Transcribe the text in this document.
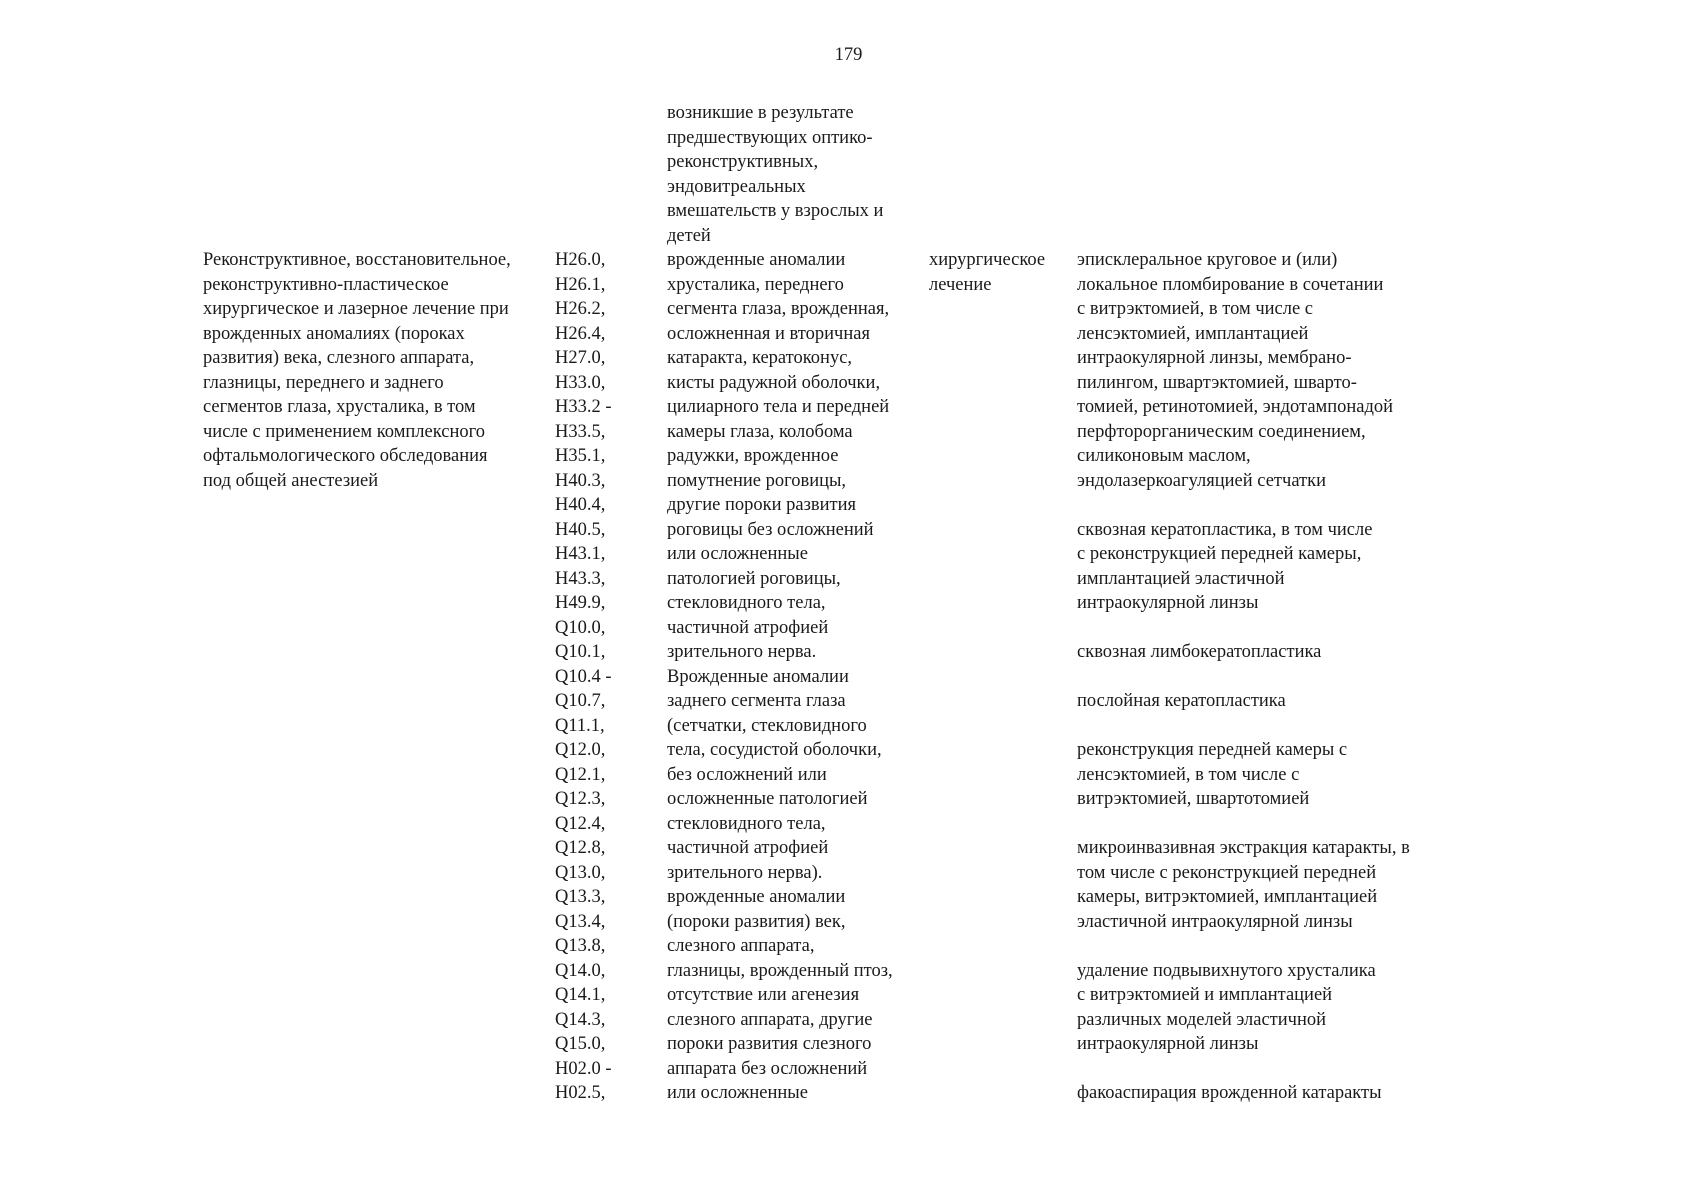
179
Реконструктивное, восстановительное,
реконструктивно-пластическое
хирургическое и лазерное лечение при
врожденных аномалиях (пороках
развития) века, слезного аппарата,
глазницы, переднего и заднего
сегментов глаза, хрусталика, в том
числе с применением комплексного
офтальмологического обследования
под общей анестезией
H26.0,
H26.1,
H26.2,
H26.4,
H27.0,
H33.0,
H33.2 -
H33.5,
H35.1,
H40.3,
H40.4,
H40.5,
H43.1,
H43.3,
H49.9,
Q10.0,
Q10.1,
Q10.4 -
Q10.7,
Q11.1,
Q12.0,
Q12.1,
Q12.3,
Q12.4,
Q12.8,
Q13.0,
Q13.3,
Q13.4,
Q13.8,
Q14.0,
Q14.1,
Q14.3,
Q15.0,
H02.0 -
H02.5,
возникшие в результате
предшествующих оптико-
реконструктивных,
эндовитреальных
вмешательств у взрослых и
детей
врожденные аномалии
хрусталика, переднего
сегмента глаза, врожденная,
осложненная и вторичная
катаракта, кератоконус,
кисты радужной оболочки,
цилиарного тела и передней
камеры глаза, колобома
радужки, врожденное
помутнение роговицы,
другие пороки развития
роговицы без осложнений
или осложненные
патологией роговицы,
стекловидного тела,
частичной атрофией
зрительного нерва.
Врожденные аномалии
заднего сегмента глаза
(сетчатки, стекловидного
тела, сосудистой оболочки,
без осложнений или
осложненные патологией
стекловидного тела,
частичной атрофией
зрительного нерва).
врожденные аномалии
(пороки развития) век,
слезного аппарата,
глазницы, врожденный птоз,
отсутствие или агенезия
слезного аппарата, другие
пороки развития слезного
аппарата без осложнений
или осложненные
хирургическое
лечение
эписклеральное круговое и (или)
локальное пломбирование в сочетании
с витрэктомией, в том числе с
ленсэктомией, имплантацией
интраокулярной линзы, мембрано-
пилингом, швартэктомией, шварто-
томией, ретинотомией, эндотампонадой
перфторорганическим соединением,
силиконовым маслом,
эндолазеркоагуляцией сетчатки
сквозная кератопластика, в том числе
с реконструкцией передней камеры,
имплантацией эластичной
интраокулярной линзы
сквозная лимбокератопластика
послойная кератопластика
реконструкция передней камеры с
ленсэктомией, в том числе с
витрэктомией, швартотомией
микроинвазивная экстракция катаракты, в
том числе с реконструкцией передней
камеры, витрэктомией, имплантацией
эластичной интраокулярной линзы
удаление подвывихнутого хрусталика
с витрэктомией и имплантацией
различных моделей эластичной
интраокулярной линзы
факоаспирация врожденной катаракты
